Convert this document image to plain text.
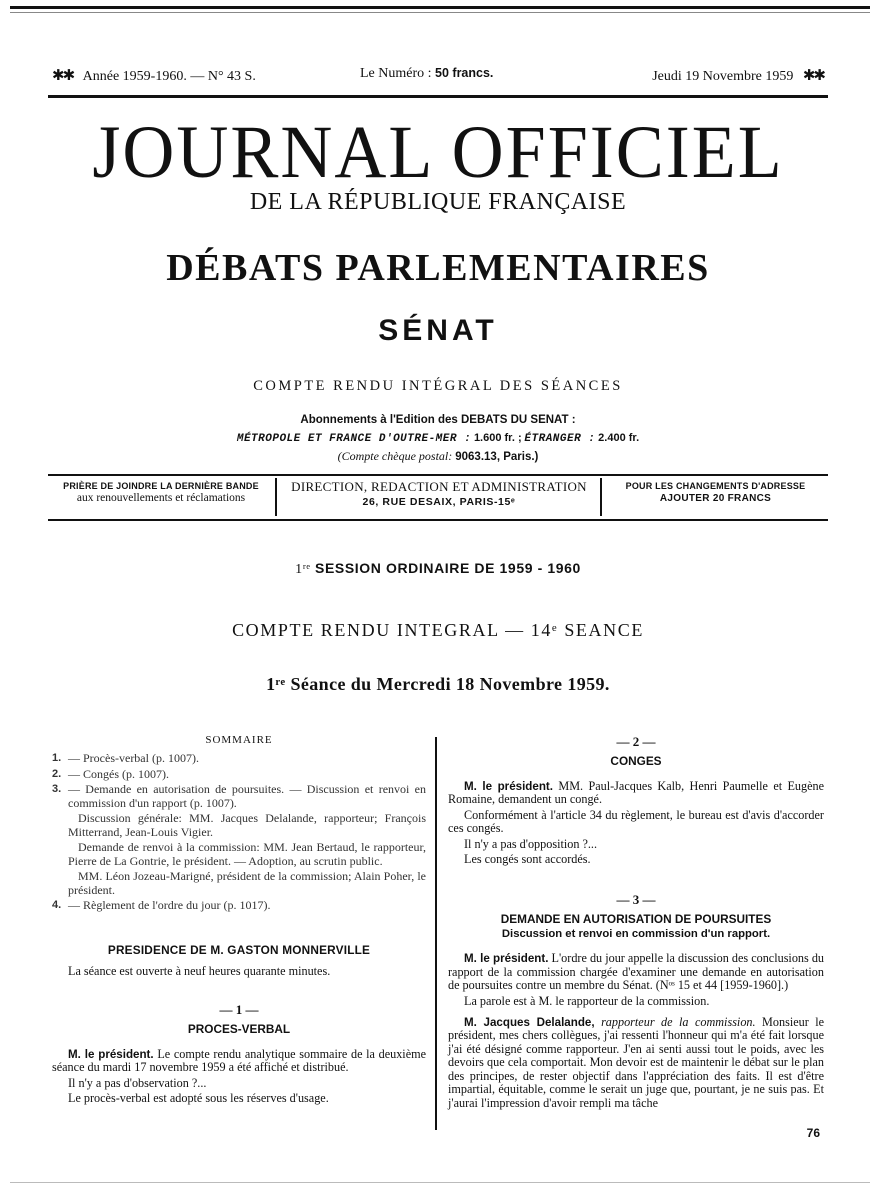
✱✱ Année 1959-1960. — N° 43 S.	Le Numéro : 50 francs.	Jeudi 19 Novembre 1959 ✱✱
JOURNAL OFFICIEL
DE LA RÉPUBLIQUE FRANÇAISE
DÉBATS PARLEMENTAIRES
SÉNAT
COMPTE RENDU INTÉGRAL DES SÉANCES
Abonnements à l'Edition des DEBATS DU SENAT :
MÉTROPOLE ET FRANCE D'OUTRE-MER : 1.600 fr. ; ÉTRANGER : 2.400 fr.
(Compte chèque postal: 9063.13, Paris.)
PRIÈRE DE JOINDRE LA DERNIÈRE BANDE
aux renouvellements et réclamations
DIRECTION, REDACTION ET ADMINISTRATION
26, RUE DESAIX, PARIS-15ᵉ
POUR LES CHANGEMENTS D'ADRESSE
AJOUTER 20 FRANCS
1ʳᵉ SESSION ORDINAIRE DE 1959 - 1960
COMPTE RENDU INTEGRAL — 14ᵉ SEANCE
1ʳᵉ Séance du Mercredi 18 Novembre 1959.
SOMMAIRE
1. — Procès-verbal (p. 1007).
2. — Congés (p. 1007).
3. — Demande en autorisation de poursuites. — Discussion et renvoi en commission d'un rapport (p. 1007).
Discussion générale: MM. Jacques Delalande, rapporteur; François Mitterrand, Jean-Louis Vigier.
Demande de renvoi à la commission: MM. Jean Bertaud, le rapporteur, Pierre de La Gontrie, le président. — Adoption, au scrutin public.
MM. Léon Jozeau-Marigné, président de la commission; Alain Poher, le président.
4. — Règlement de l'ordre du jour (p. 1017).
PRESIDENCE DE M. GASTON MONNERVILLE
La séance est ouverte à neuf heures quarante minutes.
— 1 —
PROCES-VERBAL

M. le président. Le compte rendu analytique sommaire de la deuxième séance du mardi 17 novembre 1959 a été affiché et distribué.

Il n'y a pas d'observation ?...

Le procès-verbal est adopté sous les réserves d'usage.

— 2 —
CONGES

M. le président. MM. Paul-Jacques Kalb, Henri Paumelle et Eugène Romaine, demandent un congé.

Conformément à l'article 34 du règlement, le bureau est d'avis d'accorder ces congés.

Il n'y a pas d'opposition ?...

Les congés sont accordés.

— 3 —
DEMANDE EN AUTORISATION DE POURSUITES
Discussion et renvoi en commission d'un rapport.

M. le président. L'ordre du jour appelle la discussion des conclusions du rapport de la commission chargée d'examiner une demande en autorisation de poursuites contre un membre du Sénat. (Nᵒˢ 15 et 44 [1959-1960].)

La parole est à M. le rapporteur de la commission.

M. Jacques Delalande, rapporteur de la commission. Monsieur le président, mes chers collègues, j'ai ressenti l'honneur qui m'a été fait lorsque j'ai été désigné comme rapporteur. J'en ai senti aussi tout le poids, avec les devoirs que cela comportait. Mon devoir est de maintenir le débat sur le plan des principes, de rester objectif dans l'appréciation des faits. Il est d'être impartial, équitable, comme le serait un juge que, pourtant, je ne suis pas. Et j'aurai l'impression d'avoir rempli ma tâche

76
